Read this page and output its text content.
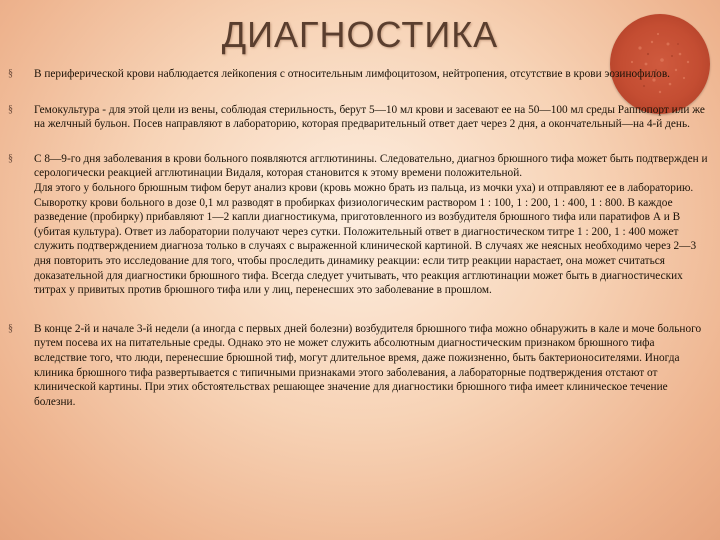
ДИАГНОСТИКА
§ В периферической крови наблюдается лейкопения с относительным лимфоцитозом, нейтропения, отсутствие в крови эозинофилов.

§ Гемокультура - для этой цели из вены, соблюдая стерильность, берут 5—10 мл крови и засевают ее на 50—100 мл среды Раппопорт или же на желчный бульон. Посев направляют в лабораторию, которая предварительный ответ дает через 2 дня, а окончательный—на 4-й день.

§ С 8—9-го дня заболевания в крови больного появляются агглютинины. Следовательно, диагноз брюшного тифа может быть подтвержден и серологически реакцией агглютинации Видаля, которая становится к этому времени положительной.

Для этого у больного брюшным тифом берут анализ крови (кровь можно брать из пальца, из мочки уха) и отправляют ее в лабораторию. Сыворотку крови больного в дозе 0,1 мл разводят в пробирках физиологическим раствором 1 : 100, 1 : 200, 1 : 400, 1 : 800. В каждое разведение (пробирку) прибавляют 1—2 капли диагностикума, приготовленного из возбудителя брюшного тифа или паратифов А и В (убитая культура). Ответ из лаборатории получают через сутки. Положительный ответ в диагностическом титре 1 : 200, 1 : 400 может служить подтверждением диагноза только в случаях с выраженной клинической картиной. В случаях же неясных необходимо через 2—3 дня повторить это исследование для того, чтобы проследить динамику реакции: если титр реакции нарастает, она может считаться доказательной для диагностики брюшного тифа. Всегда следует учитывать, что реакция агглютинации может быть в диагностических титрах у привитых против брюшного тифа или у лиц, перенесших это заболевание в прошлом.

§ В конце 2-й и начале 3-й недели (а иногда с первых дней болезни) возбудителя брюшного тифа можно обнаружить в кале и моче больного путем посева их на питательные среды. Однако это не может служить абсолютным диагностическим признаком брюшного тифа вследствие того, что люди, перенесшие брюшной тиф, могут длительное время, даже пожизненно, быть бактерионосителями. Иногда клиника брюшного тифа развертывается с типичными признаками этого заболевания, а лабораторные подтверждения отстают от клинической картины. При этих обстоятельствах решающее значение для диагностики брюшного тифа имеет клиническое течение болезни.
